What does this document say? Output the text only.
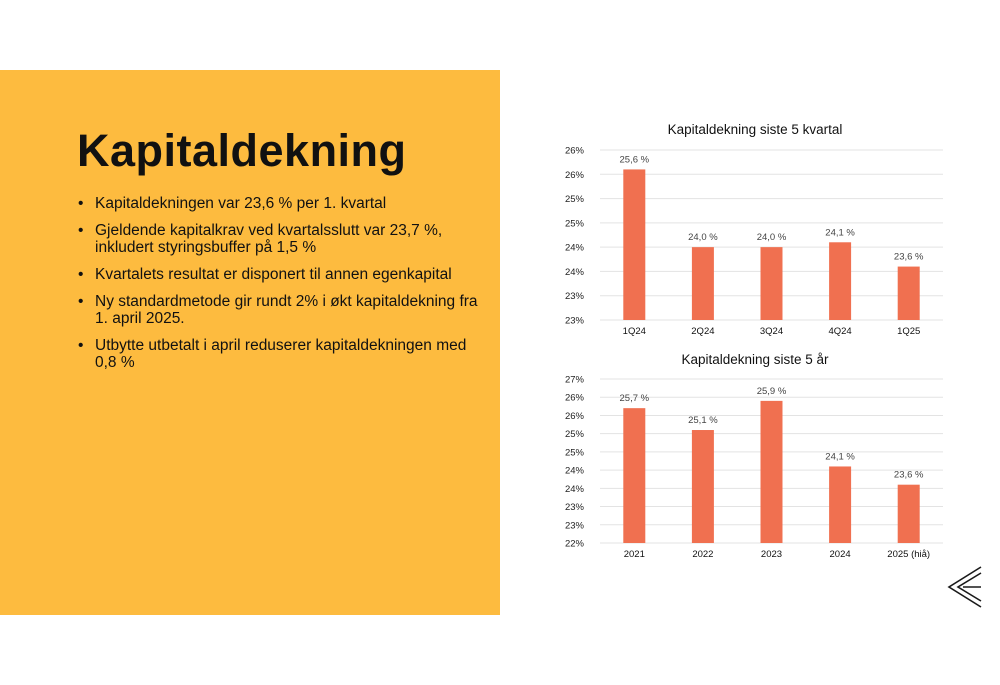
Kapitaldekning
• Kapitaldekningen var 23,6 % per 1. kvartal
• Gjeldende kapitalkrav ved kvartalsslutt var 23,7 %, inkludert styringsbuffer på 1,5 %
• Kvartalets resultat er disponert til annen egenkapital
• Ny standardmetode gir rundt 2% i økt kapitaldekning fra 1. april 2025.
• Utbytte utbetalt i april reduserer kapitaldekningen med 0,8 %
Kapitaldekning siste 5 kvartal
23%
23%
24%
24%
25%
25%
26%
26%
25,6 %
1Q24
24,0 %
2Q24
24,0 %
3Q24
24,1 %
4Q24
23,6 %
1Q25
Kapitaldekning siste 5 år
22%
23%
23%
24%
24%
25%
25%
26%
26%
27%
25,7 %
2021
25,1 %
2022
25,9 %
2023
24,1 %
2024
23,6 %
2025 (hiå)
